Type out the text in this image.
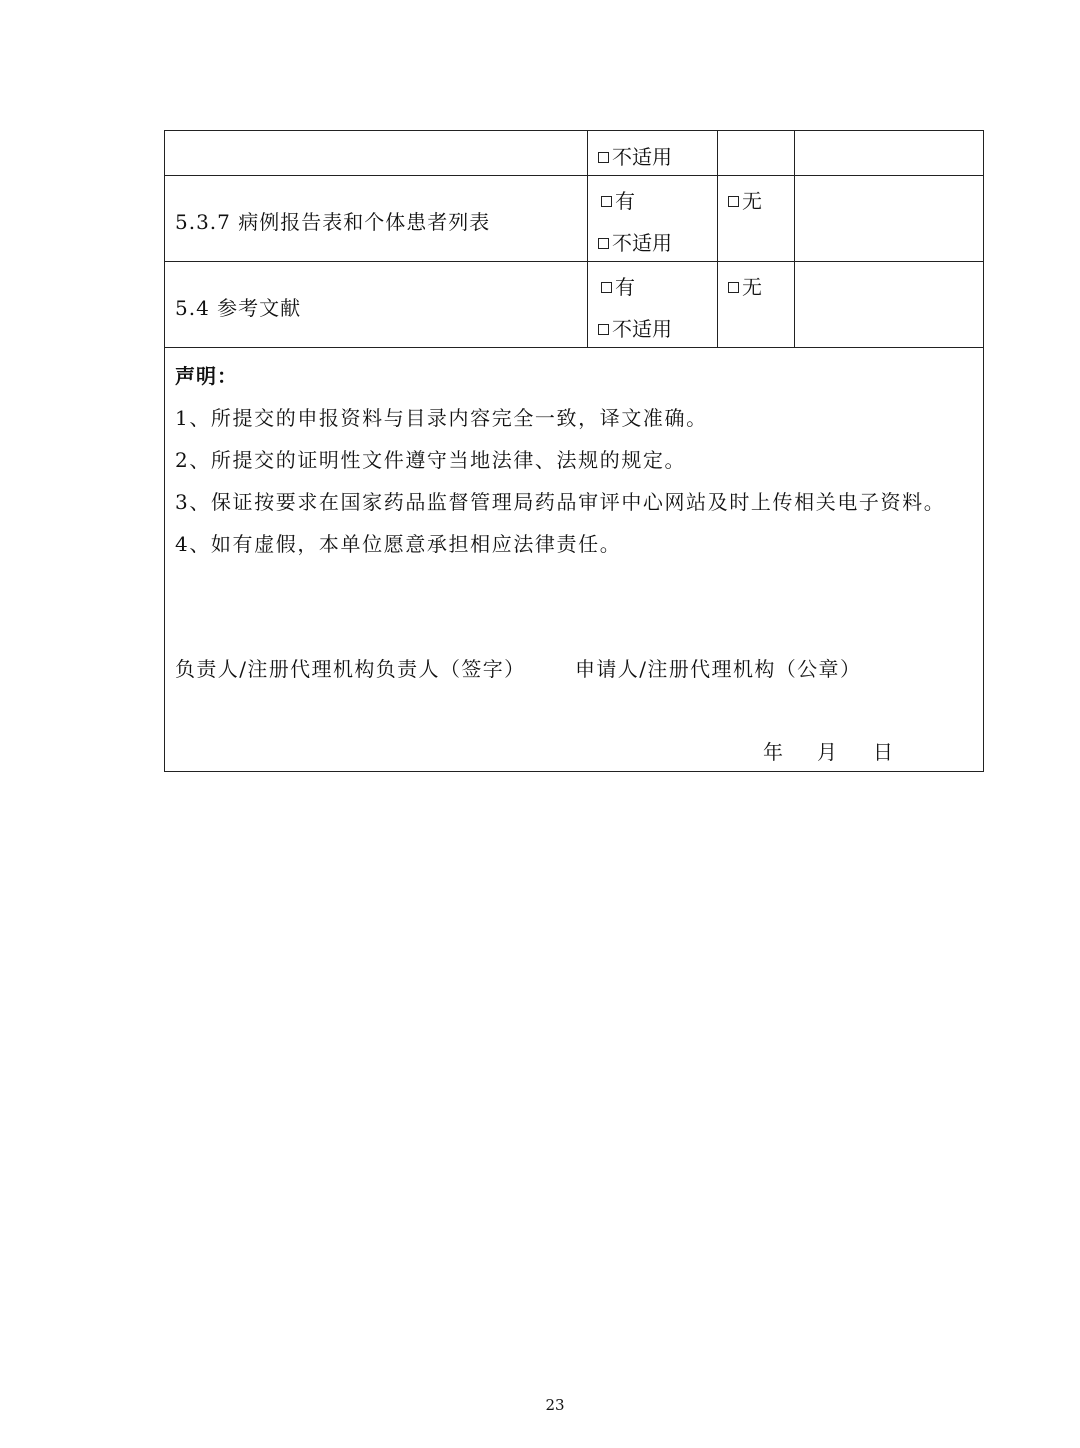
不适用
5.3.7 病例报告表和个体患者列表
有
不适用
无
5.4 参考文献
有
不适用
无
声明：
1、所提交的申报资料与目录内容完全一致，译文准确。
2、所提交的证明性文件遵守当地法律、法规的规定。
3、保证按要求在国家药品监督管理局药品审评中心网站及时上传相关电子资料。
4、如有虚假，本单位愿意承担相应法律责任。
负责人/注册代理机构负责人（签字） 申请人/注册代理机构（公章）
年 月 日
23
